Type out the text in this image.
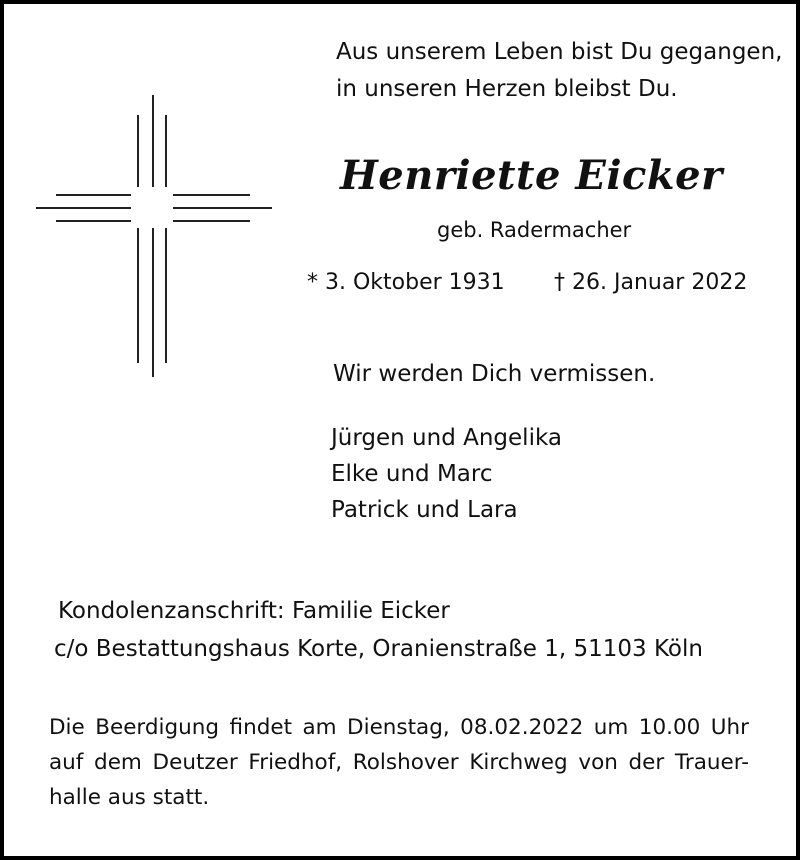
Aus unserem Leben bist Du gegangen,
in unseren Herzen bleibst Du.
Henriette Eicker
geb. Radermacher
* 3. Oktober 1931 † 26. Januar 2022
Wir werden Dich vermissen.
Jürgen und Angelika
Elke und Marc
Patrick und Lara
Kondolenzanschrift: Familie Eicker
c/o Bestattungshaus Korte, Oranienstraße 1, 51103 Köln
Die Beerdigung findet am Dienstag, 08.02.2022 um 10.00 Uhr
auf dem Deutzer Friedhof, Rolshover Kirchweg von der Trauer-
halle aus statt.
